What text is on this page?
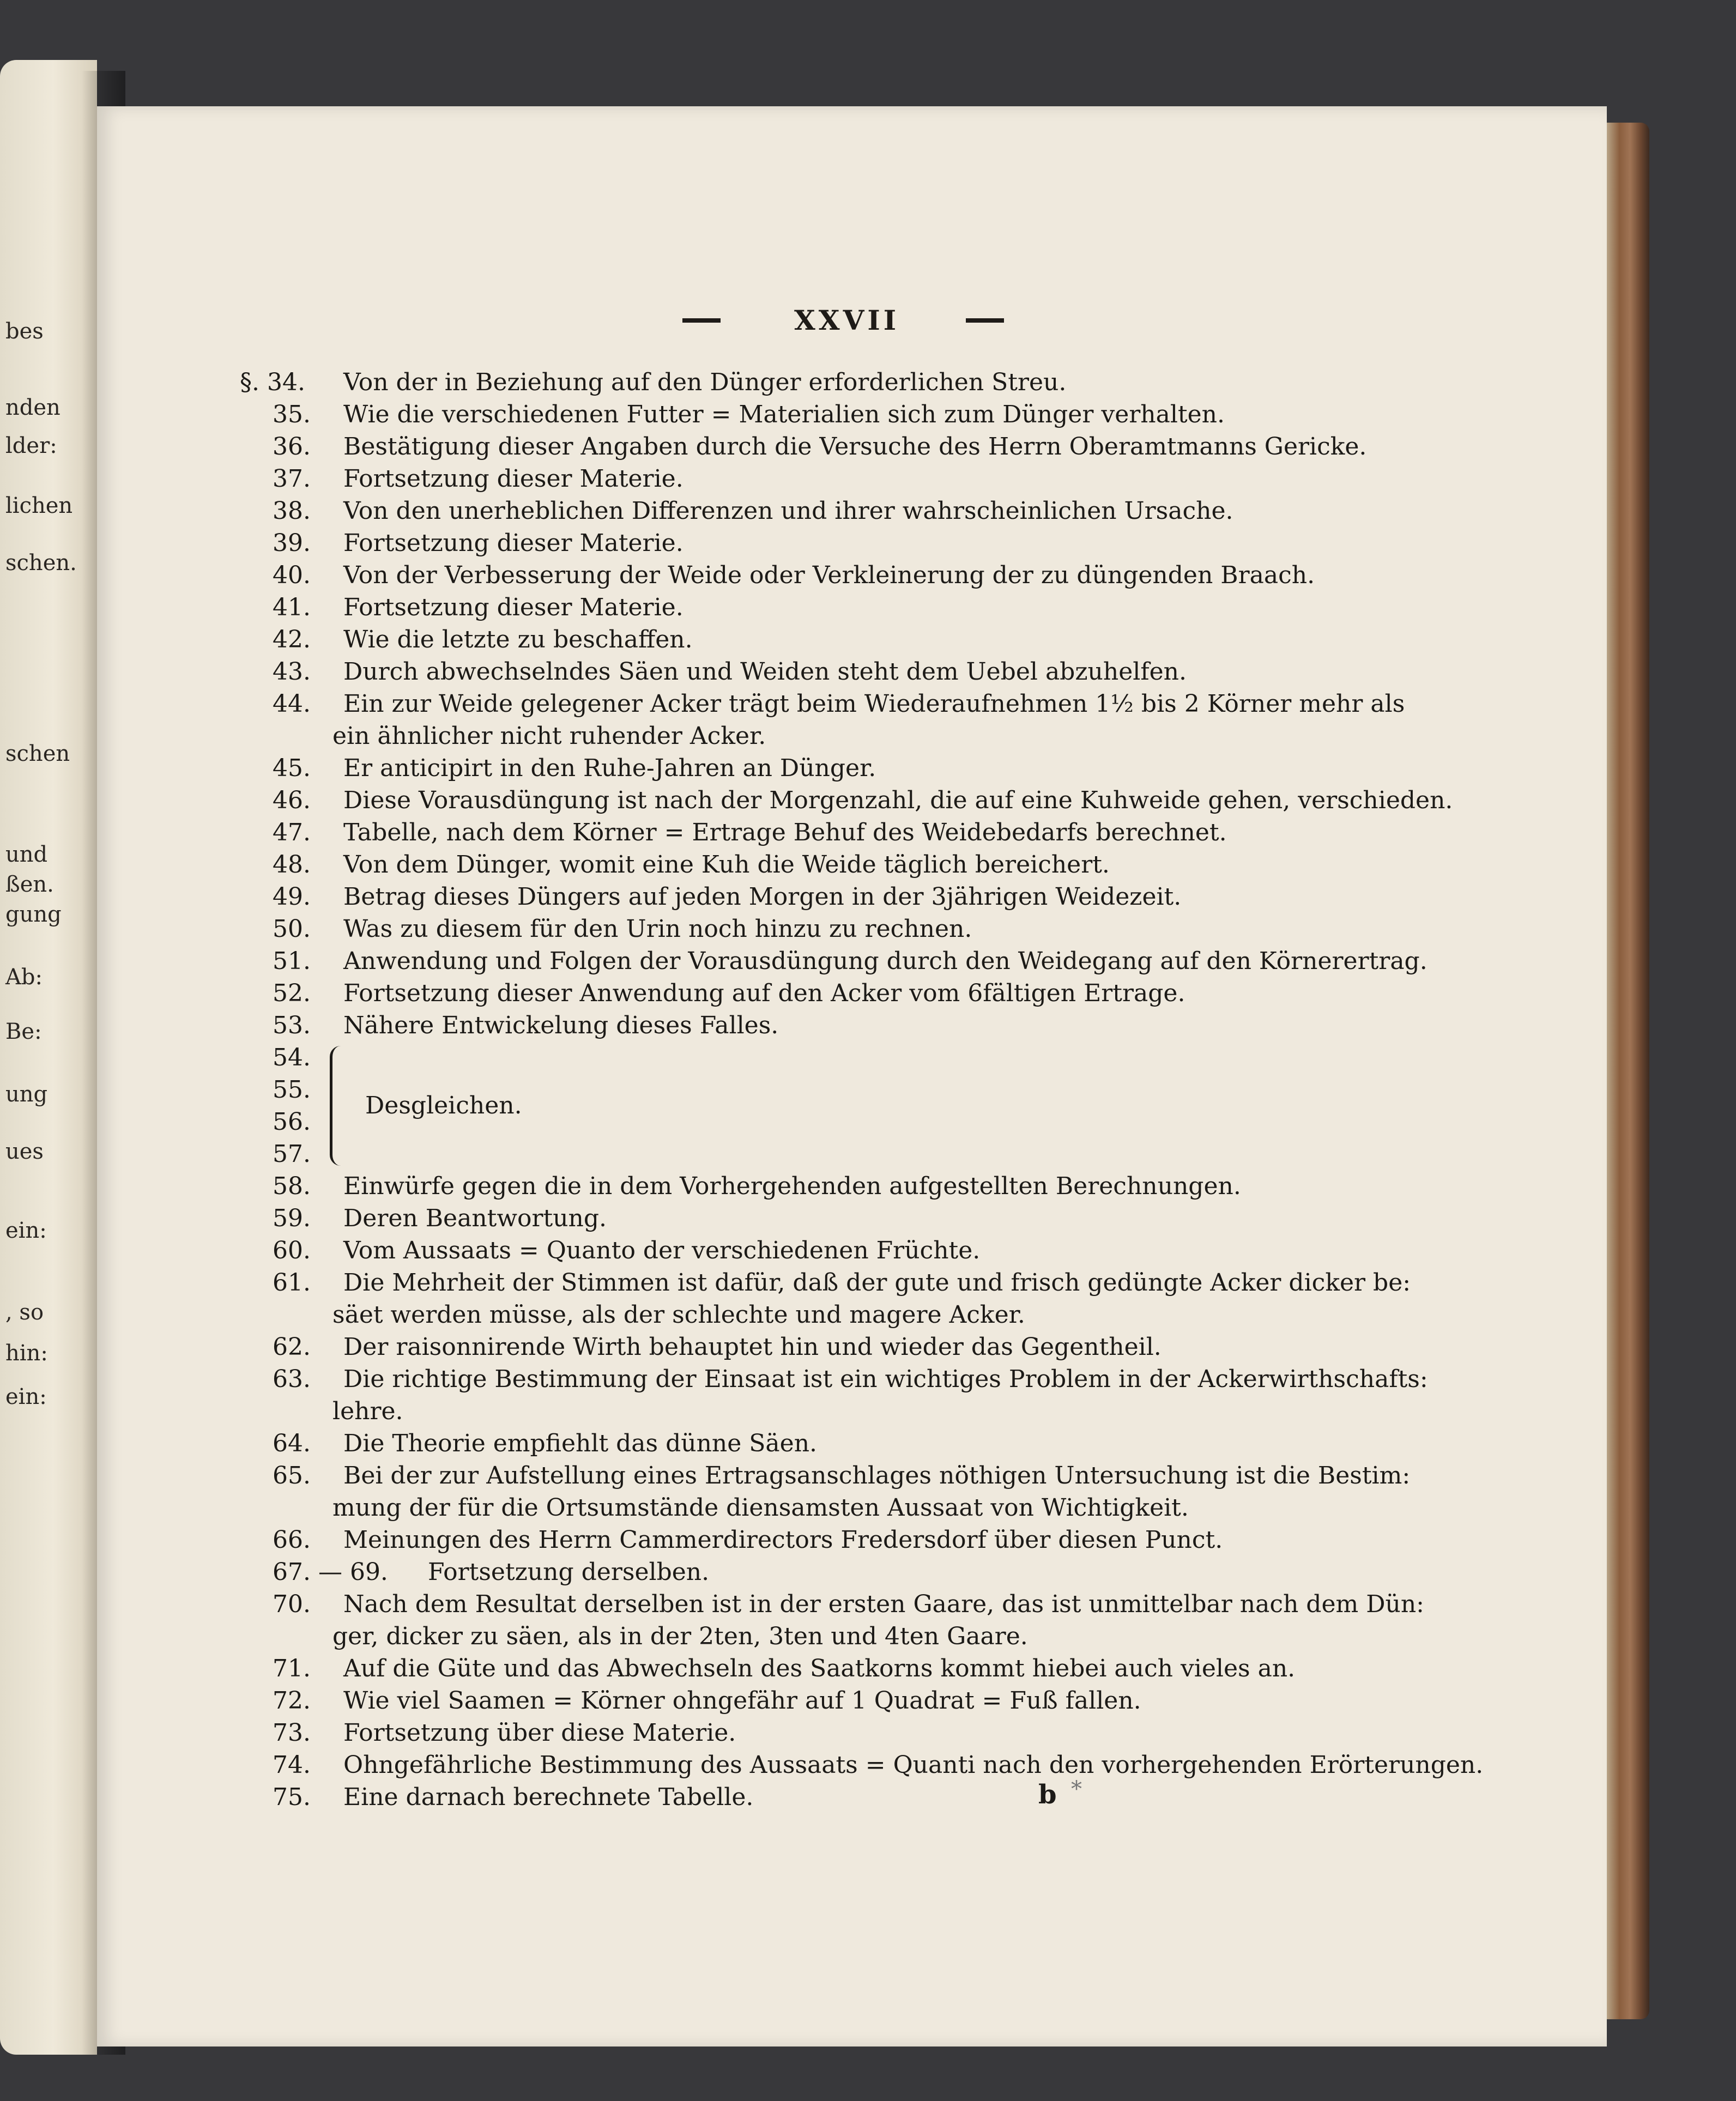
bes
nden
lder:
lichen
schen.
schen
und
ßen.
gung
Ab:
Be:
ung
ues
ein:
, so
hin:
ein:
XXVII
§. 34. Von der in Beziehung auf den Dünger erforderlichen Streu.
35. Wie die verschiedenen Futter = Materialien sich zum Dünger verhalten.
36. Bestätigung dieser Angaben durch die Versuche des Herrn Oberamtmanns Gericke.
37. Fortsetzung dieser Materie.
38. Von den unerheblichen Differenzen und ihrer wahrscheinlichen Ursache.
39. Fortsetzung dieser Materie.
40. Von der Verbesserung der Weide oder Verkleinerung der zu düngenden Braach.
41. Fortsetzung dieser Materie.
42. Wie die letzte zu beschaffen.
43. Durch abwechselndes Säen und Weiden steht dem Uebel abzuhelfen.
44. Ein zur Weide gelegener Acker trägt beim Wiederaufnehmen 1½ bis 2 Körner mehr als
ein ähnlicher nicht ruhender Acker.
45. Er anticipirt in den Ruhe-Jahren an Dünger.
46. Diese Vorausdüngung ist nach der Morgenzahl, die auf eine Kuhweide gehen, verschieden.
47. Tabelle, nach dem Körner = Ertrage Behuf des Weidebedarfs berechnet.
48. Von dem Dünger, womit eine Kuh die Weide täglich bereichert.
49. Betrag dieses Düngers auf jeden Morgen in der 3jährigen Weidezeit.
50. Was zu diesem für den Urin noch hinzu zu rechnen.
51. Anwendung und Folgen der Vorausdüngung durch den Weidegang auf den Körnerertrag.
52. Fortsetzung dieser Anwendung auf den Acker vom 6fältigen Ertrage.
53. Nähere Entwickelung dieses Falles.
54.
55.
56.
57.
Desgleichen.
58. Einwürfe gegen die in dem Vorhergehenden aufgestellten Berechnungen.
59. Deren Beantwortung.
60. Vom Aussaats = Quanto der verschiedenen Früchte.
61. Die Mehrheit der Stimmen ist dafür, daß der gute und frisch gedüngte Acker dicker be:
säet werden müsse, als der schlechte und magere Acker.
62. Der raisonnirende Wirth behauptet hin und wieder das Gegentheil.
63. Die richtige Bestimmung der Einsaat ist ein wichtiges Problem in der Ackerwirthschafts:
lehre.
64. Die Theorie empfiehlt das dünne Säen.
65. Bei der zur Aufstellung eines Ertragsanschlages nöthigen Untersuchung ist die Bestim:
mung der für die Ortsumstände diensamsten Aussaat von Wichtigkeit.
66. Meinungen des Herrn Cammerdirectors Fredersdorf über diesen Punct.
67. — 69. Fortsetzung derselben.
70. Nach dem Resultat derselben ist in der ersten Gaare, das ist unmittelbar nach dem Dün:
ger, dicker zu säen, als in der 2ten, 3ten und 4ten Gaare.
71. Auf die Güte und das Abwechseln des Saatkorns kommt hiebei auch vieles an.
72. Wie viel Saamen = Körner ohngefähr auf 1 Quadrat = Fuß fallen.
73. Fortsetzung über diese Materie.
74. Ohngefährliche Bestimmung des Aussaats = Quanti nach den vorhergehenden Erörterungen.
75. Eine darnach berechnete Tabelle.	b *
